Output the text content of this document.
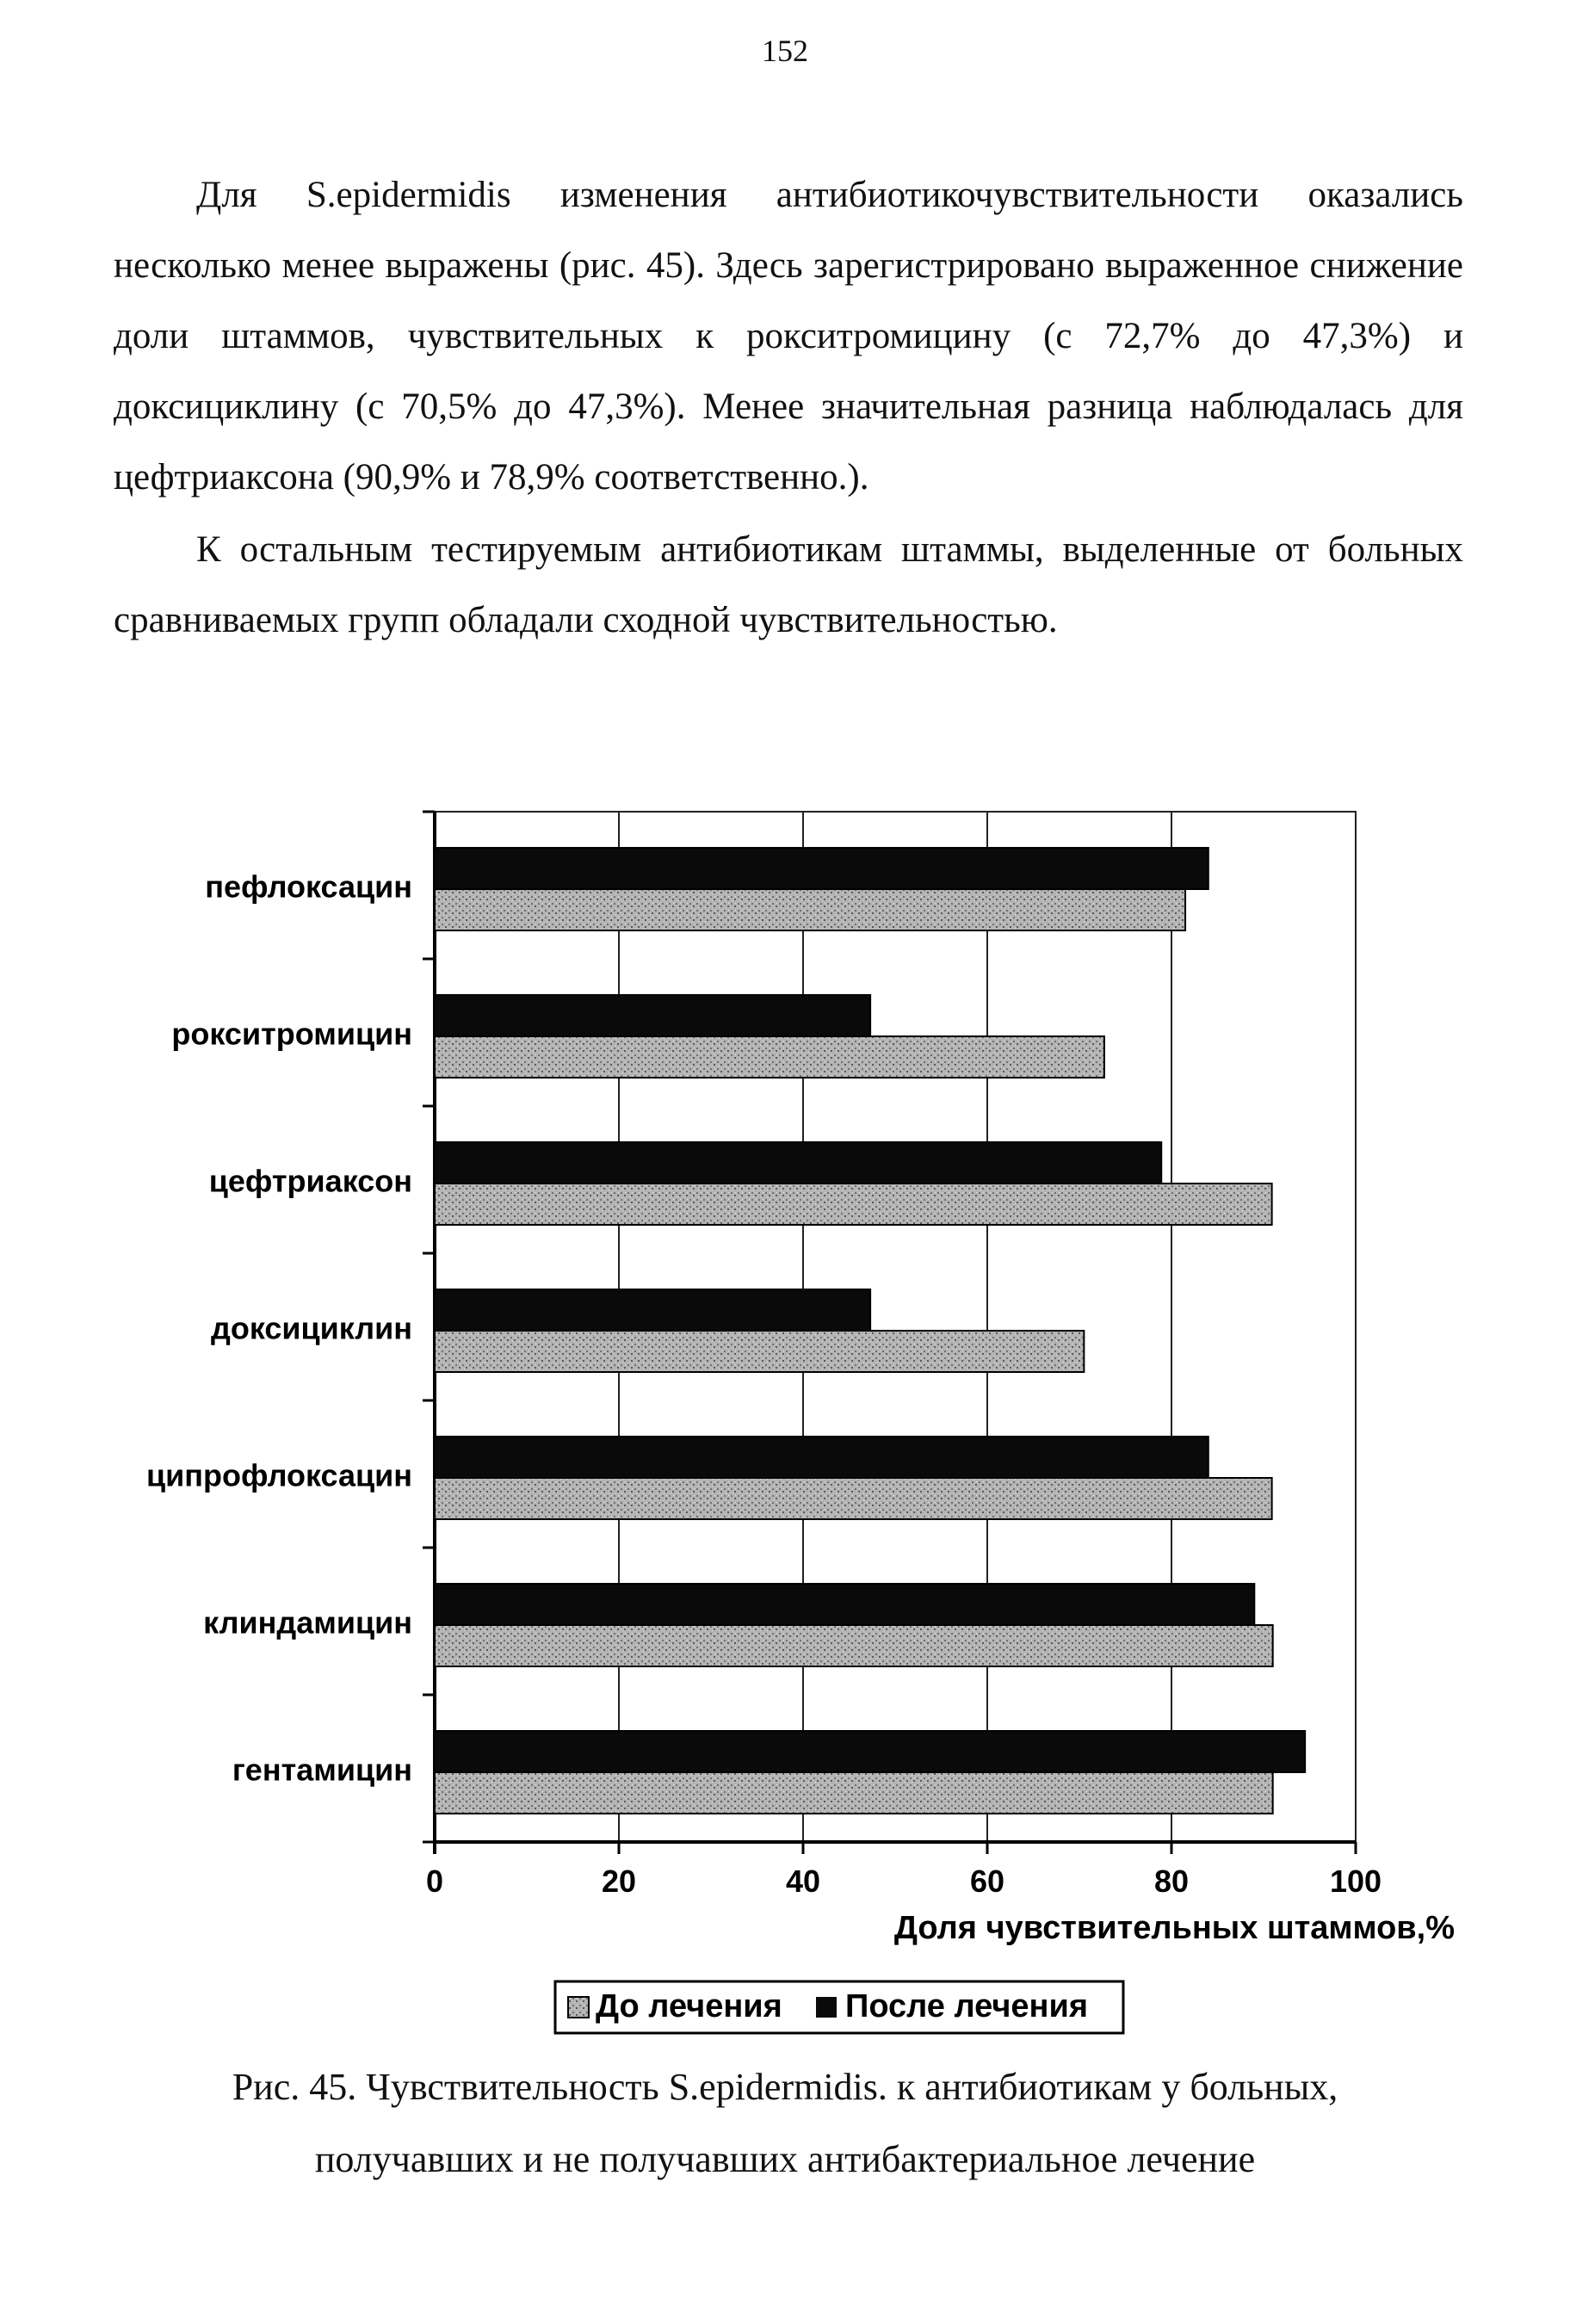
152

Для S.epidermidis изменения антибиотикочувствительности оказались несколько менее выражены (рис. 45). Здесь зарегистрировано выраженное снижение доли штаммов, чувствительных к рокситромицину (с 72,7% до 47,3%) и доксициклину (с 70,5% до 47,3%). Менее значительная разница наблюдалась для цефтриаксона (90,9% и 78,9% соответственно.).

К остальным тестируемым антибиотикам штаммы, выделенные от больных сравниваемых групп обладали сходной чувствительностью.

0	20	40	60	80	100
пефлоксацин
рокситромицин
цефтриаксон
доксициклин
ципрофлоксацин
клиндамицин
гентамицин
Доля чувствительных штаммов,%
До лечения После лечения

Рис. 45. Чувствительность S.epidermidis. к антибиотикам у больных,

получавших и не получавших антибактериальное лечение
